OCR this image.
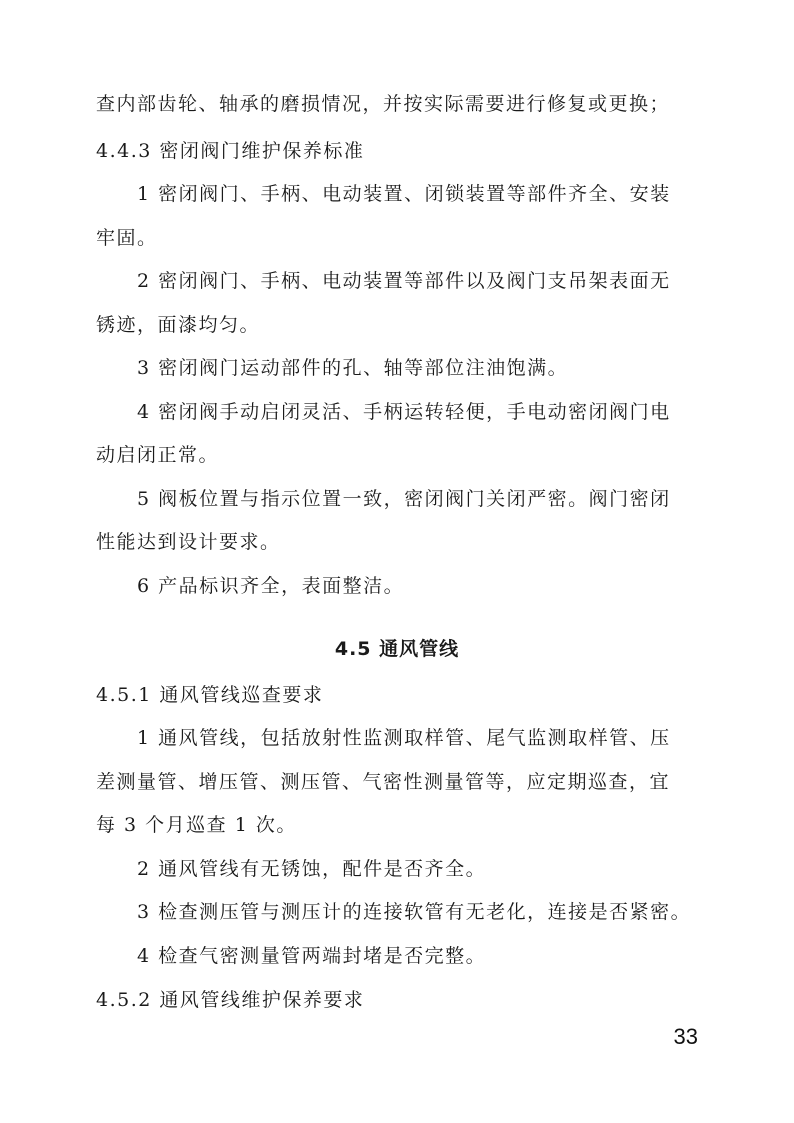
查内部齿轮、轴承的磨损情况，并按实际需要进行修复或更换；
4.4.3 密闭阀门维护保养标准
1 密闭阀门、手柄、电动装置、闭锁装置等部件齐全、安装
牢固。
2 密闭阀门、手柄、电动装置等部件以及阀门支吊架表面无
锈迹，面漆均匀。
3 密闭阀门运动部件的孔、轴等部位注油饱满。
4 密闭阀手动启闭灵活、手柄运转轻便，手电动密闭阀门电
动启闭正常。
5 阀板位置与指示位置一致，密闭阀门关闭严密。阀门密闭
性能达到设计要求。
6 产品标识齐全，表面整洁。
4.5 通风管线
4.5.1 通风管线巡查要求
1 通风管线，包括放射性监测取样管、尾气监测取样管、压
差测量管、增压管、测压管、气密性测量管等，应定期巡查，宜
每 3 个月巡查 1 次。
2 通风管线有无锈蚀，配件是否齐全。
3 检查测压管与测压计的连接软管有无老化，连接是否紧密。
4 检查气密测量管两端封堵是否完整。
4.5.2 通风管线维护保养要求
33
